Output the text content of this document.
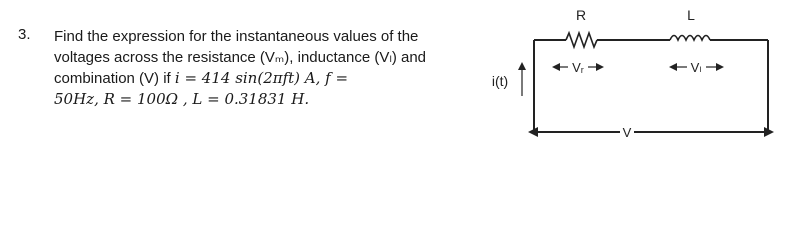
3. Find the expression for the instantaneous values of the
voltages across the resistance (Vₘ), inductance (Vₗ) and
combination (V) if i = 414 sin(2πft) A, f =
50Hz, R = 100Ω , L = 0.31831 H.
R	L
i(t)
Vᵣ	Vₗ
V
